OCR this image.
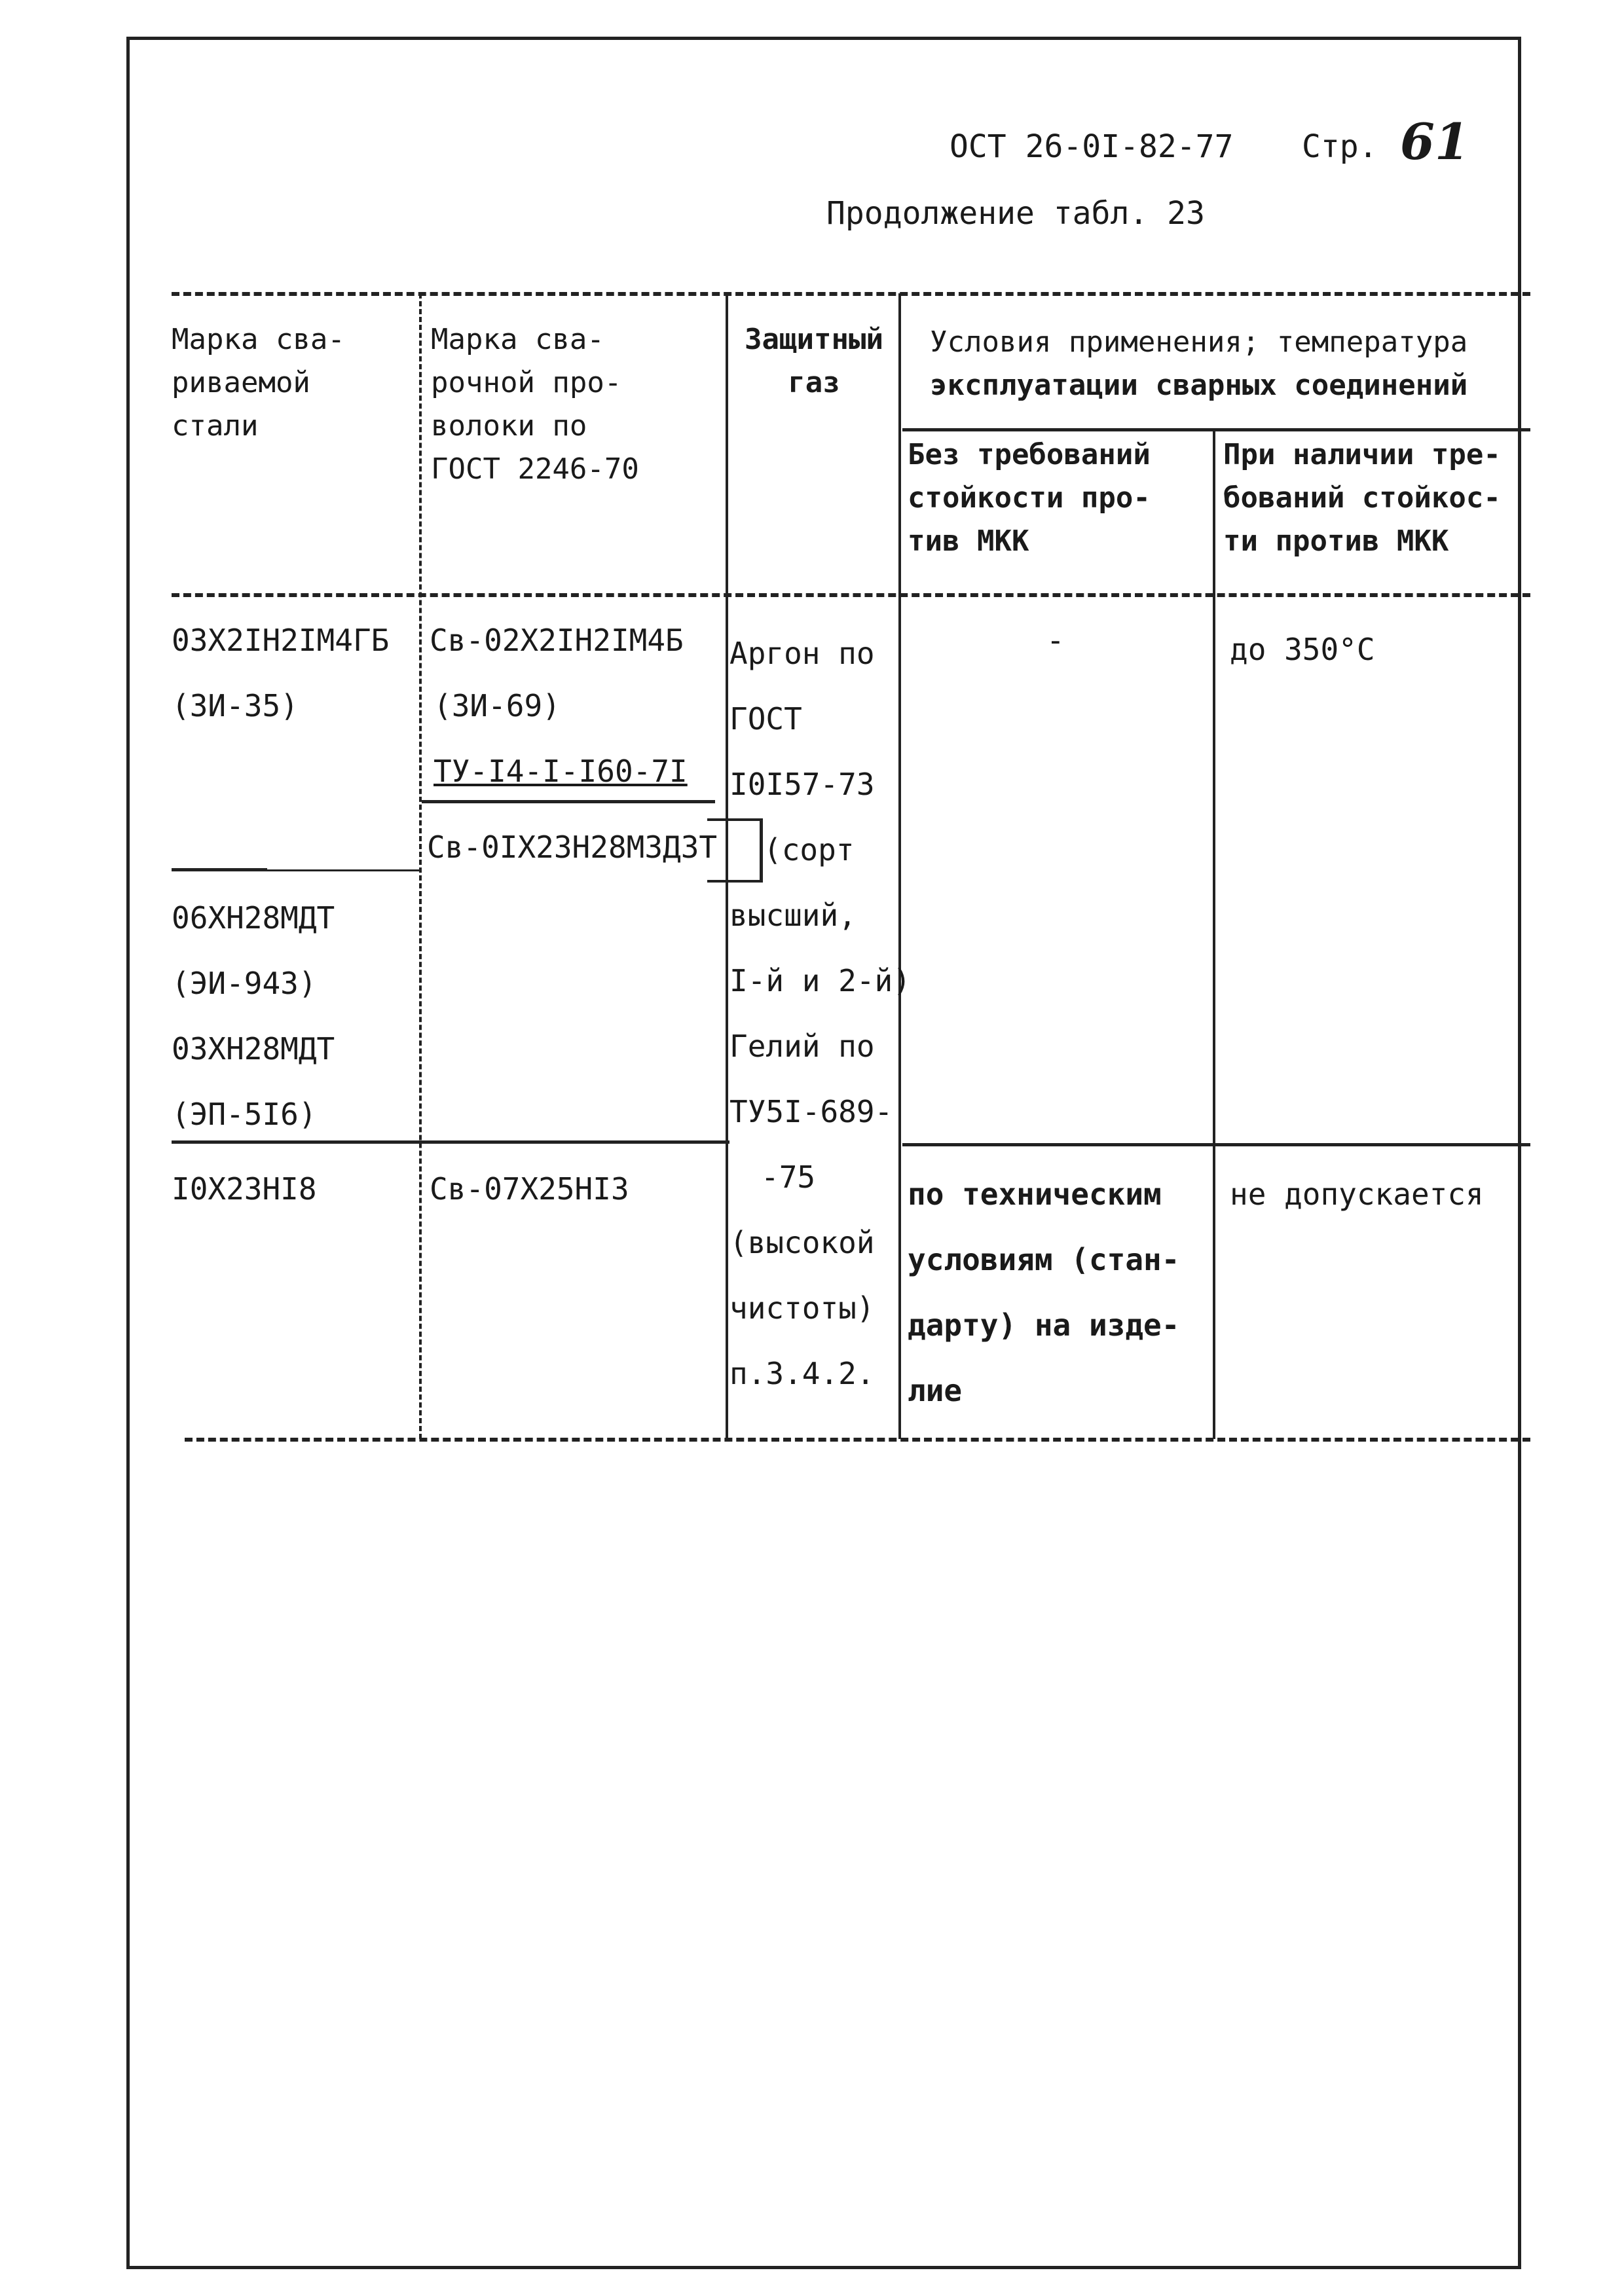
ОСТ 26-0I-82-77 Стр. 61
Продолжение табл. 23
Марка сва-
риваемой
стали
Марка сва-
рочной про-
волоки по
ГОСТ 2246-70
Защитный
газ
Условия применения; температура
эксплуатации сварных соединений
Без требований
стойкости про-
тив МКК
При наличии тре-
бований стойкос-
ти против МКК
03Х2IН2IМ4ГБ
(ЗИ-35)
06ХН28МДТ
(ЭИ-943)
03ХН28МДТ
(ЭП-5I6)
I0Х23НI8
Св-02Х2IН2IМ4Б
(ЗИ-69)
ТУ-I4-I-I60-7I
Св-0IХ23Н28М3Д3Т
Св-07Х25НI3
Аргон по
ГОСТ
I0I57-73
(сорт
высший,
I-й и 2-й)
Гелий по
ТУ5I-689-
-75
(высокой
чистоты)
п.3.4.2.
-
по техническим
условиям (стан-
дарту) на изде-
лие
до 350°С
не допускается
